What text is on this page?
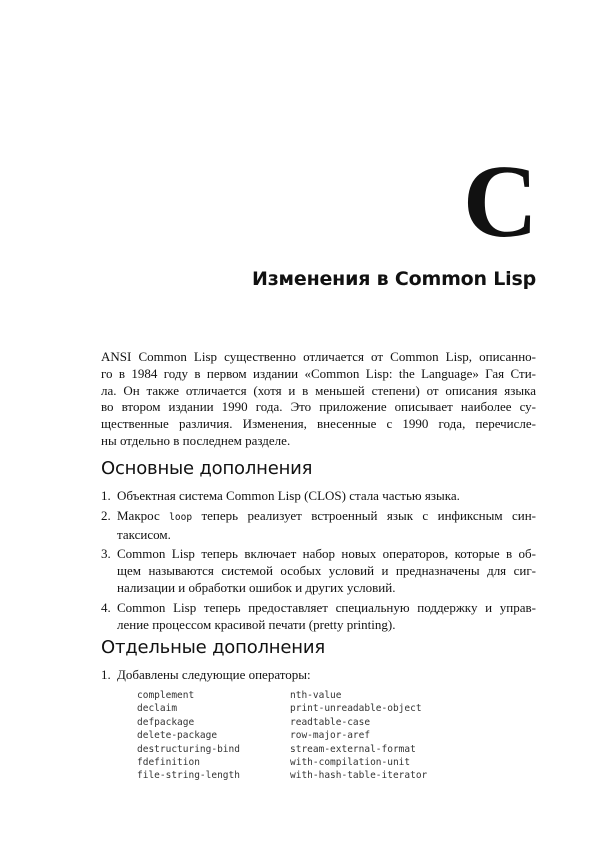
C
Изменения в Common Lisp

ANSI Common Lisp существенно отличается от Common Lisp, описанно-
го в 1984 году в первом издании «Common Lisp: the Language» Гая Сти-
ла. Он также отличается (хотя и в меньшей степени) от описания языка
во втором издании 1990 года. Это приложение описывает наиболее су-
щественные различия. Изменения, внесенные с 1990 года, перечисле-
ны отдельно в последнем разделе.

Основные дополнения
1. Объектная система Common Lisp (CLOS) стала частью языка.
2. Макрос loop теперь реализует встроенный язык с инфиксным син-
таксисом.
3. Common Lisp теперь включает набор новых операторов, которые в об-
щем называются системой особых условий и предназначены для сиг-
нализации и обработки ошибок и других условий.
4. Common Lisp теперь предоставляет специальную поддержку и управ-
ление процессом красивой печати (pretty printing).
Отдельные дополнения
1. Добавлены следующие операторы:
complement
declaim
defpackage
delete-package
destructuring-bind
fdefinition
file-string-length
nth-value
print-unreadable-object
readtable-case
row-major-aref
stream-external-format
with-compilation-unit
with-hash-table-iterator
